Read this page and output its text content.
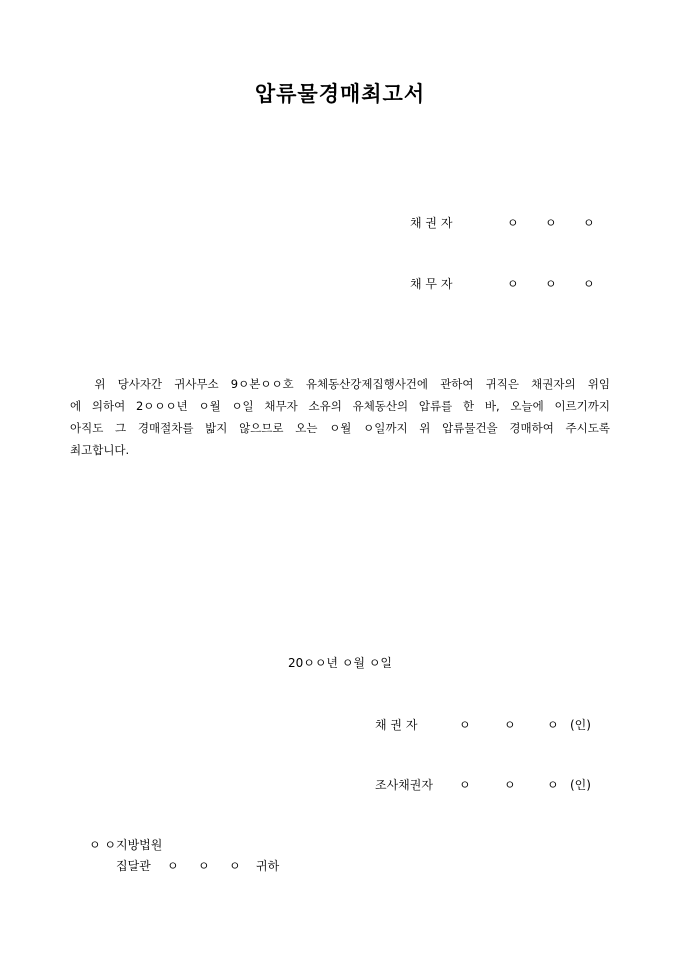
압류물경매최고서
채 권 자	ㅇ ㅇ ㅇ
채 무 자	ㅇ ㅇ ㅇ
위 당사자간 귀사무소 9ㅇ본ㅇㅇ호 유체동산강제집행사건에 관하여 귀직은 채권자의 위임
에 의하여 2ㅇㅇㅇ년 ㅇ월 ㅇ일 채무자 소유의 유체동산의 압류를 한 바, 오늘에 이르기까지
아직도 그 경매절차를 밟지 않으므로 오는 ㅇ월 ㅇ일까지 위 압류물건을 경매하여 주시도록
최고합니다.
20ㅇㅇ년 ㅇ월 ㅇ일
채 권 자	ㅇ	ㅇ	ㅇ (인)
조사채권자 ㅇ	ㅇ	ㅇ (인)
ㅇ ㅇ지방법원
집달관 ㅇ ㅇ ㅇ 귀하
